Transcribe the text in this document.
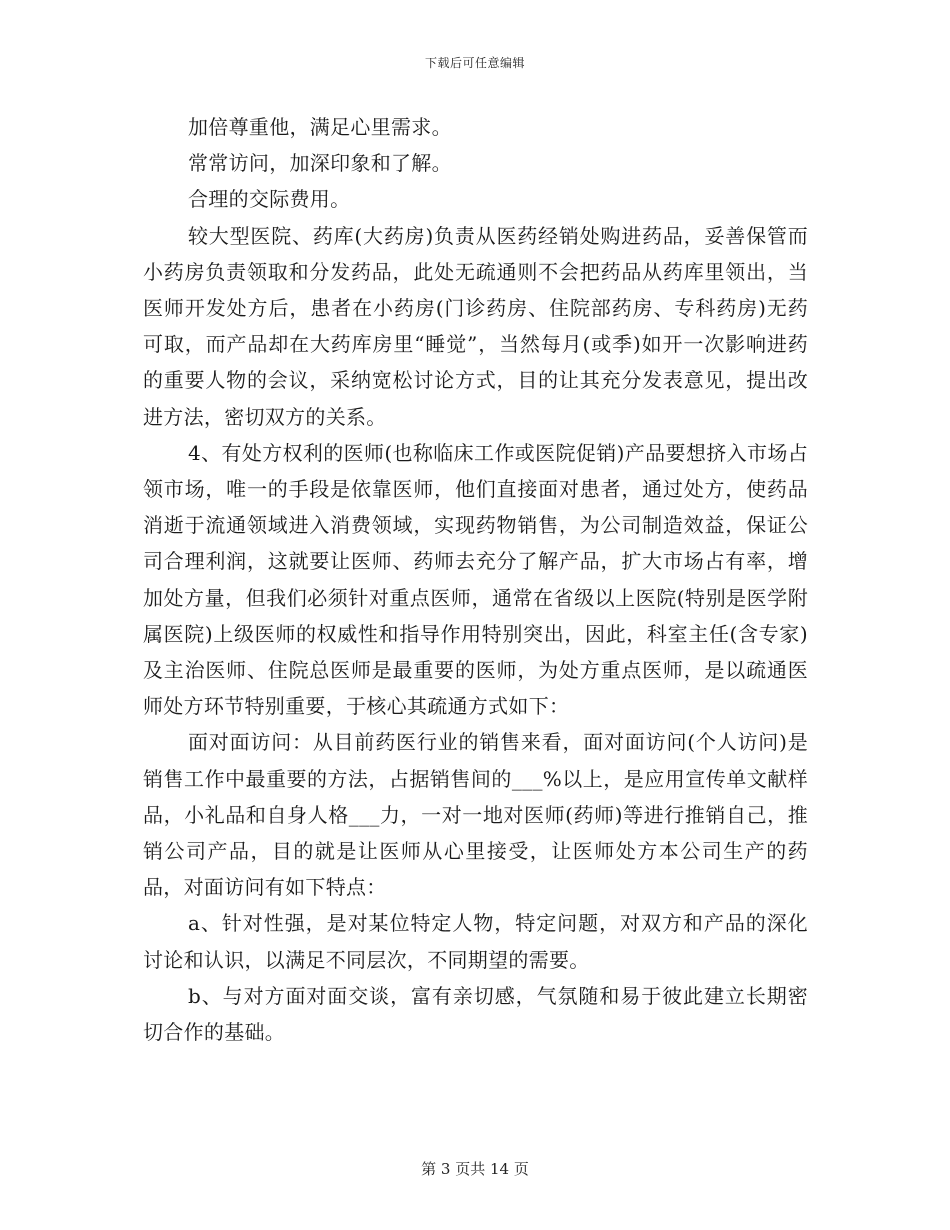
下载后可任意编辑

加倍尊重他，满足心里需求。

常常访问，加深印象和了解。

合理的交际费用。

较大型医院、药库(大药房)负责从医药经销处购进药品，妥善保管而小药房负责领取和分发药品，此处无疏通则不会把药品从药库里领出，当医师开发处方后，患者在小药房(门诊药房、住院部药房、专科药房)无药可取，而产品却在大药库房里“睡觉”，当然每月(或季)如开一次影响进药的重要人物的会议，采纳宽松讨论方式，目的让其充分发表意见，提出改进方法，密切双方的关系。

4、有处方权利的医师(也称临床工作或医院促销)产品要想挤入市场占领市场，唯一的手段是依靠医师，他们直接面对患者，通过处方，使药品消逝于流通领域进入消费领域，实现药物销售，为公司制造效益，保证公司合理利润，这就要让医师、药师去充分了解产品，扩大市场占有率，增加处方量，但我们必须针对重点医师，通常在省级以上医院(特别是医学附属医院)上级医师的权威性和指导作用特别突出，因此，科室主任(含专家)及主治医师、住院总医师是最重要的医师，为处方重点医师，是以疏通医师处方环节特别重要，于核心其疏通方式如下：

面对面访问：从目前药医行业的销售来看，面对面访问(个人访问)是销售工作中最重要的方法，占据销售间的___%以上，是应用宣传单文献样品，小礼品和自身人格___力，一对一地对医师(药师)等进行推销自己，推销公司产品，目的就是让医师从心里接受，让医师处方本公司生产的药品，对面访问有如下特点：

a、针对性强，是对某位特定人物，特定问题，对双方和产品的深化讨论和认识，以满足不同层次，不同期望的需要。

b、与对方面对面交谈，富有亲切感，气氛随和易于彼此建立长期密切合作的基础。

第 3 页共 14 页
